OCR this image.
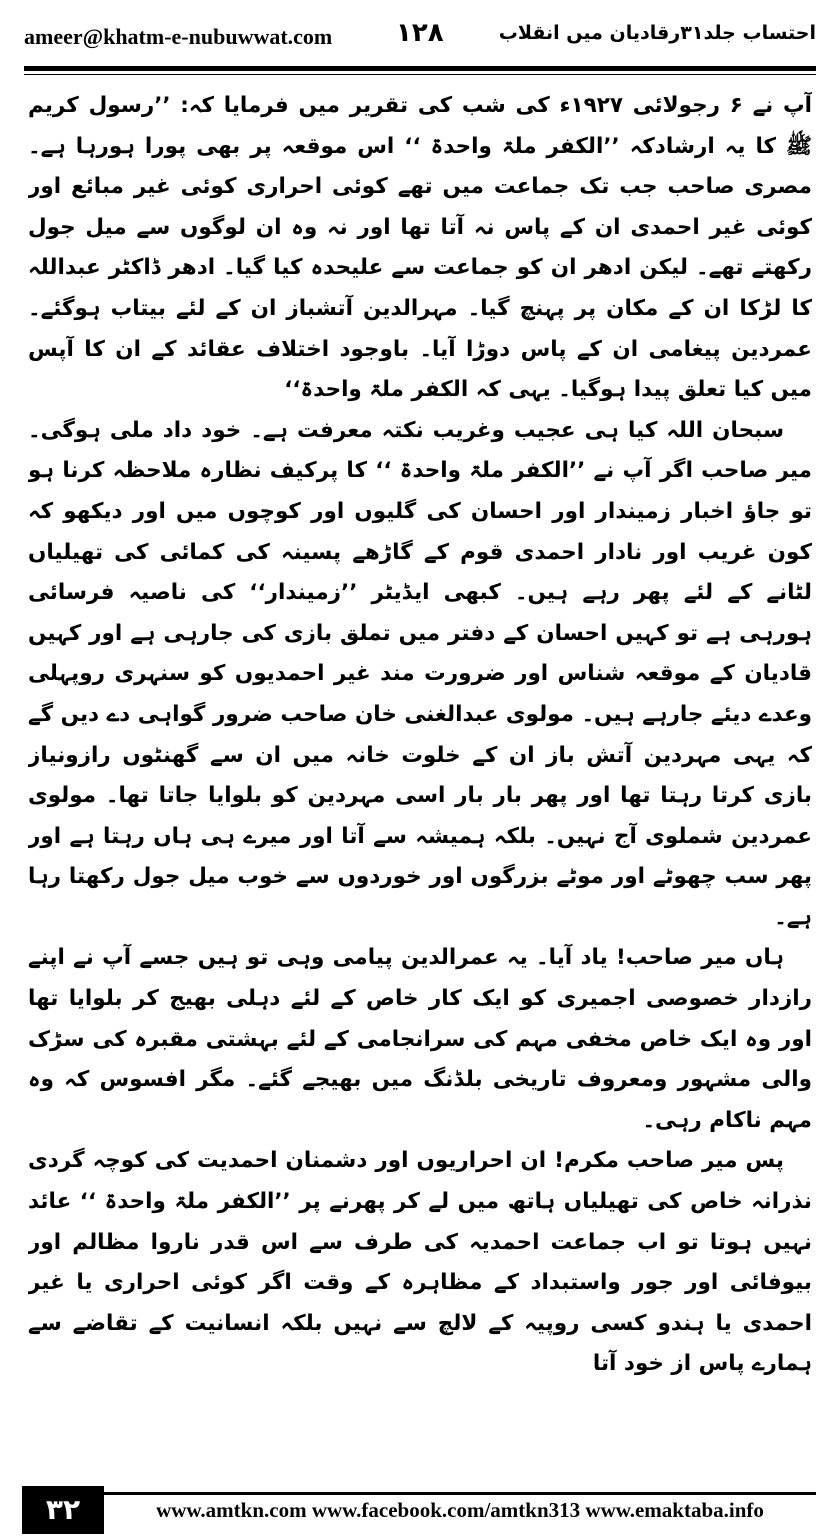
ameer@khatm-e-nubuwwat.com ۱۲۸	احتساب جلد۳۱رقادیان میں انقلاب

آپ نے ۶ رجولائی ۱۹۲۷ء کی شب کی تقریر میں فرمایا کہ: ’’رسول کریم ﷺ کا یہ ارشادکہ ’’الکفر ملۃ واحدۃ ‘‘ اس موقعہ پر بھی پورا ہورہا ہے۔ مصری صاحب جب تک جماعت میں تھے کوئی احراری کوئی غیر مبائع اور کوئی غیر احمدی ان کے پاس نہ آتا تھا اور نہ وہ ان لوگوں سے میل جول رکھتے تھے۔ لیکن ادھر ان کو جماعت سے علیحدہ کیا گیا۔ ادھر ڈاکٹر عبداللہ کا لڑکا ان کے مکان پر پہنچ گیا۔ مہرالدین آتشباز ان کے لئے بیتاب ہوگئے۔ عمردین پیغامی ان کے پاس دوڑا آیا۔ باوجود اختلاف عقائد کے ان کا آپس میں کیا تعلق پیدا ہوگیا۔ یہی کہ الکفر ملۃ واحدۃ‘‘

سبحان اللہ کیا ہی عجیب وغریب نکتہ معرفت ہے۔ خود داد ملی ہوگی۔ میر صاحب اگر آپ نے ’’الکفر ملۃ واحدۃ ‘‘ کا پرکیف نظارہ ملاحظہ کرنا ہو تو جاؤ اخبار زمیندار اور احسان کی گلیوں اور کوچوں میں اور دیکھو کہ کون غریب اور نادار احمدی قوم کے گاڑھے پسینہ کی کمائی کی تھیلیاں لٹانے کے لئے پھر رہے ہیں۔ کبھی ایڈیٹر ’’زمیندار‘‘ کی ناصیہ فرسائی ہورہی ہے تو کہیں احسان کے دفتر میں تملق بازی کی جارہی ہے اور کہیں قادیان کے موقعہ شناس اور ضرورت مند غیر احمدیوں کو سنہری روپہلی وعدے دیئے جارہے ہیں۔ مولوی عبدالغنی خان صاحب ضرور گواہی دے دیں گے کہ یہی مہردین آتش باز ان کے خلوت خانہ میں ان سے گھنٹوں رازونیاز بازی کرتا رہتا تھا اور پھر بار بار اسی مہردین کو بلوایا جاتا تھا۔ مولوی عمردین شملوی آج نہیں۔ بلکہ ہمیشہ سے آتا اور میرے ہی ہاں رہتا ہے اور پھر سب چھوٹے اور موٹے بزرگوں اور خوردوں سے خوب میل جول رکھتا رہا ہے۔

ہاں میر صاحب! یاد آیا۔ یہ عمرالدین پیامی وہی تو ہیں جسے آپ نے اپنے رازدار خصوصی اجمیری کو ایک کار خاص کے لئے دہلی بھیج کر بلوایا تھا اور وہ ایک خاص مخفی مہم کی سرانجامی کے لئے بہشتی مقبرہ کی سڑک والی مشہور ومعروف تاریخی بلڈنگ میں بھیجے گئے۔ مگر افسوس کہ وہ مہم ناکام رہی۔

پس میر صاحب مکرم! ان احراریوں اور دشمنان احمدیت کی کوچہ گردی نذرانہ خاص کی تھیلیاں ہاتھ میں لے کر پھرنے پر ’’الکفر ملۃ واحدۃ ‘‘ عائد نہیں ہوتا تو اب جماعت احمدیہ کی طرف سے اس قدر ناروا مظالم اور بیوفائی اور جور واستبداد کے مظاہرہ کے وقت اگر کوئی احراری یا غیر احمدی یا ہندو کسی روپیہ کے لالچ سے نہیں بلکہ انسانیت کے تقاضے سے ہمارے پاس از خود آتا

۳۲	www.amtkn.com www.facebook.com/amtkn313 www.emaktaba.info
